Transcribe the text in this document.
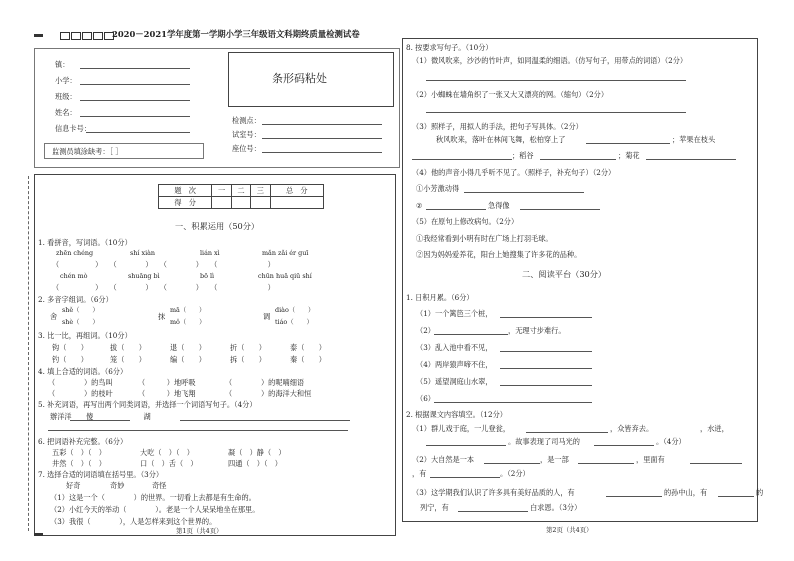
2020－2021学年度第一学期小学三年级语文科期终质量检测试卷
镇：
小学：
班级：
姓名：
信息卡号：
监测员填涂缺考：［ ］
条形码粘处
检测点：
试室号：
座位号：
题　次	一	二	三	总　分
得　分				
一、积累运用（50分）
1. 看拼音，写词语。（10分）
zhēn chéng	shí xiàn	lián xì	mǎn zǎi ér guī
（　　　　　）　　（　　　　）　　（　　　　）　　（　　　　　　　）
chén mò	shuāng bì	bō lì	chūn huā qiū shí
（　　　　　）　　（　　　　）　　（　　　　）　　（　　　　　　　）
2. 多音字组词。（6分）
舍
shě（　　）
shè（　　）
抹
mā（　　）
mǒ（　　）
调
diào（　　）
tiáo（　　）
3. 比一比，再组词。（10分）
钩（　　）	拔（　　）	退（　　）	折（　　）	泰（　　）
钓（　　）	笼（　　）	编（　　）	拆（　　）	秦（　　）
4. 填上合适的词语。（6分）
（　　　　）的鸟叫	（　　　）地呼吸	（　　　　）的呢喃细语
（　　　　）的枝叶	（　　　）地飞翔	（　　　　）的海洋大和恒
5. 补充词语，再写出两个同类词语，并选择一个词语写句子。（4分）
辦洋洋　　傻　　　　　　　湖　　　　　　　　　　　　
6. 把词语补充完整。（6分）
五彩（　）（　）	大吃（　）（　）	凝（　）静（　）
井然（　）（　）	口（　）舌（　）	四通（　）（　）
7. 选择合适的词语填在括号里。（3分）
好奇	奇妙	奇怪
（1）这是一个（　　　　）的世界。一切看上去都是有生命的。
（2）小红今天的举动（　　　　）。老是一个人呆呆地坐在那里。
（3）我很（　　　　），人是怎样来到这个世界的。
第1页（共4页）
8. 按要求写句子。（10分）
（1）微风吹来，沙沙的竹叶声，如同温柔的细语。（仿写句子，用带点的词语）（2分）
（2）小蜘蛛在墙角织了一张又大又漂亮的网。（缩句）（2分）
（3）照样子，用拟人的手法，把句子写具体。（2分）
秋风吹来，落叶在林间飞舞，松柏穿上了	；苹果在枝头
；稻谷	；菊花
（4）他的声音小得几乎听不见了。（照样子，补充句子）（2分）
①小芳激动得
②	急得像
（5）在原句上修改病句。（2分）
①我经常看到小明有时在广场上打羽毛球。
②因为妈妈爱养花，阳台上她搜集了许多花的品种。
二、阅读平台（30分）
1. 日积月累。（6分）
（1）一个篱笆三个桩，
（2）	，无理寸步难行。
（3）乱入池中看不见，
（4）两岸猿声啼不住，
（5）遥望洞庭山水翠，
（6）
2. 根据课文内容填空。（12分）
（1）群儿戏于庭，一儿登瓮，	，众皆弃去。	，水迸，
。故事表现了司马光的	。（4分）
（2）大自然是一本	，是一部	，里面有
，有	。（2分）
（3）这学期我们认识了许多具有美好品质的人，有	的孙中山，有	的
列宁，有	白求恩。（3分）
第2页（共4页）
